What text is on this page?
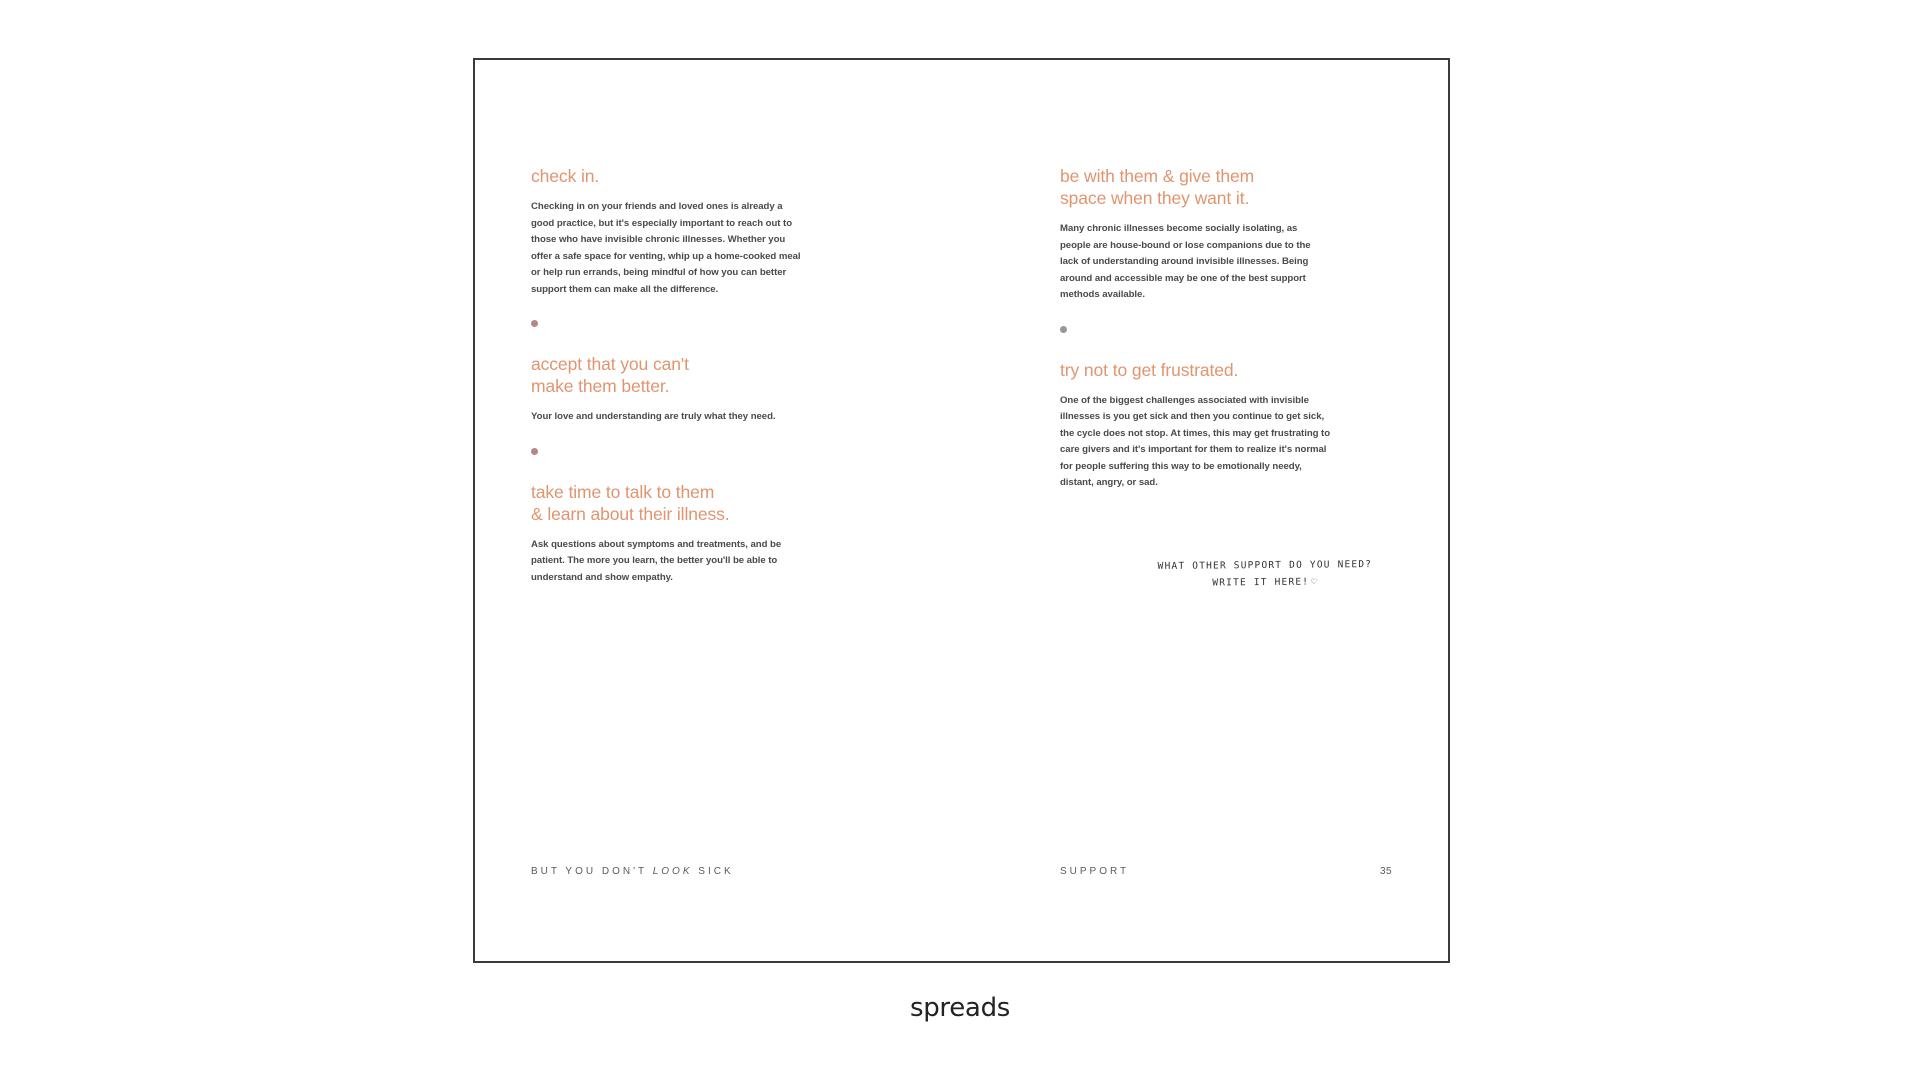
check in.

Checking in on your friends and loved ones is already a good practice, but it's especially important to reach out to those who have invisible chronic illnesses. Whether you offer a safe space for venting, whip up a home-cooked meal or help run errands, being mindful of how you can better support them can make all the difference.

accept that you can't
make them better.

Your love and understanding are truly what they need.

take time to talk to them
& learn about their illness.

Ask questions about symptoms and treatments, and be patient. The more you learn, the better you'll be able to understand and show empathy.

be with them & give them
space when they want it.

Many chronic illnesses become socially isolating, as people are house-bound or lose companions due to the lack of understanding around invisible illnesses. Being around and accessible may be one of the best support methods available.

try not to get frustrated.

One of the biggest challenges associated with invisible illnesses is you get sick and then you continue to get sick, the cycle does not stop. At times, this may get frustrating to care givers and it's important for them to realize it's normal for people suffering this way to be emotionally needy, distant, angry, or sad.

WHAT OTHER SUPPORT DO YOU NEED?
WRITE IT HERE! ♡
BUT YOU DON'T LOOK SICK	SUPPORT	35
spreads
